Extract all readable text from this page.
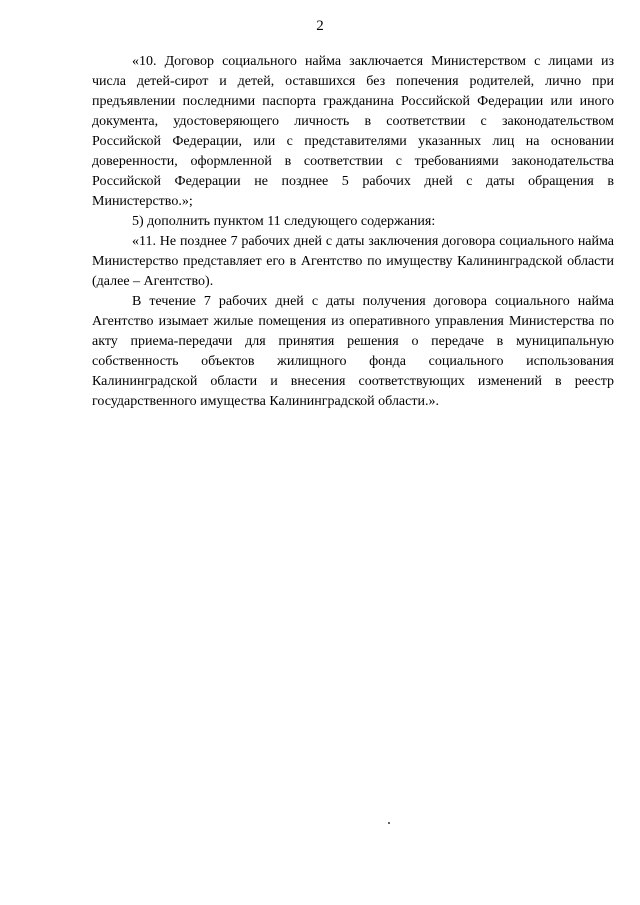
2

«10. Договор социального найма заключается Министерством с лицами из числа детей-сирот и детей, оставшихся без попечения родителей, лично при предъявлении последними паспорта гражданина Российской Федерации или иного документа, удостоверяющего личность в соответствии с законодательством Российской Федерации, или с представителями указанных лиц на основании доверенности, оформленной в соответствии с требованиями законодательства Российской Федерации не позднее 5 рабочих дней с даты обращения в Министерство.»;

5) дополнить пунктом 11 следующего содержания:

«11. Не позднее 7 рабочих дней с даты заключения договора социального найма Министерство представляет его в Агентство по имуществу Калининградской области (далее – Агентство).

В течение 7 рабочих дней с даты получения договора социального найма Агентство изымает жилые помещения из оперативного управления Министерства по акту приема-передачи для принятия решения о передаче в муниципальную собственность объектов жилищного фонда социального использования Калининградской области и внесения соответствующих изменений в реестр государственного имущества Калининградской области.».
